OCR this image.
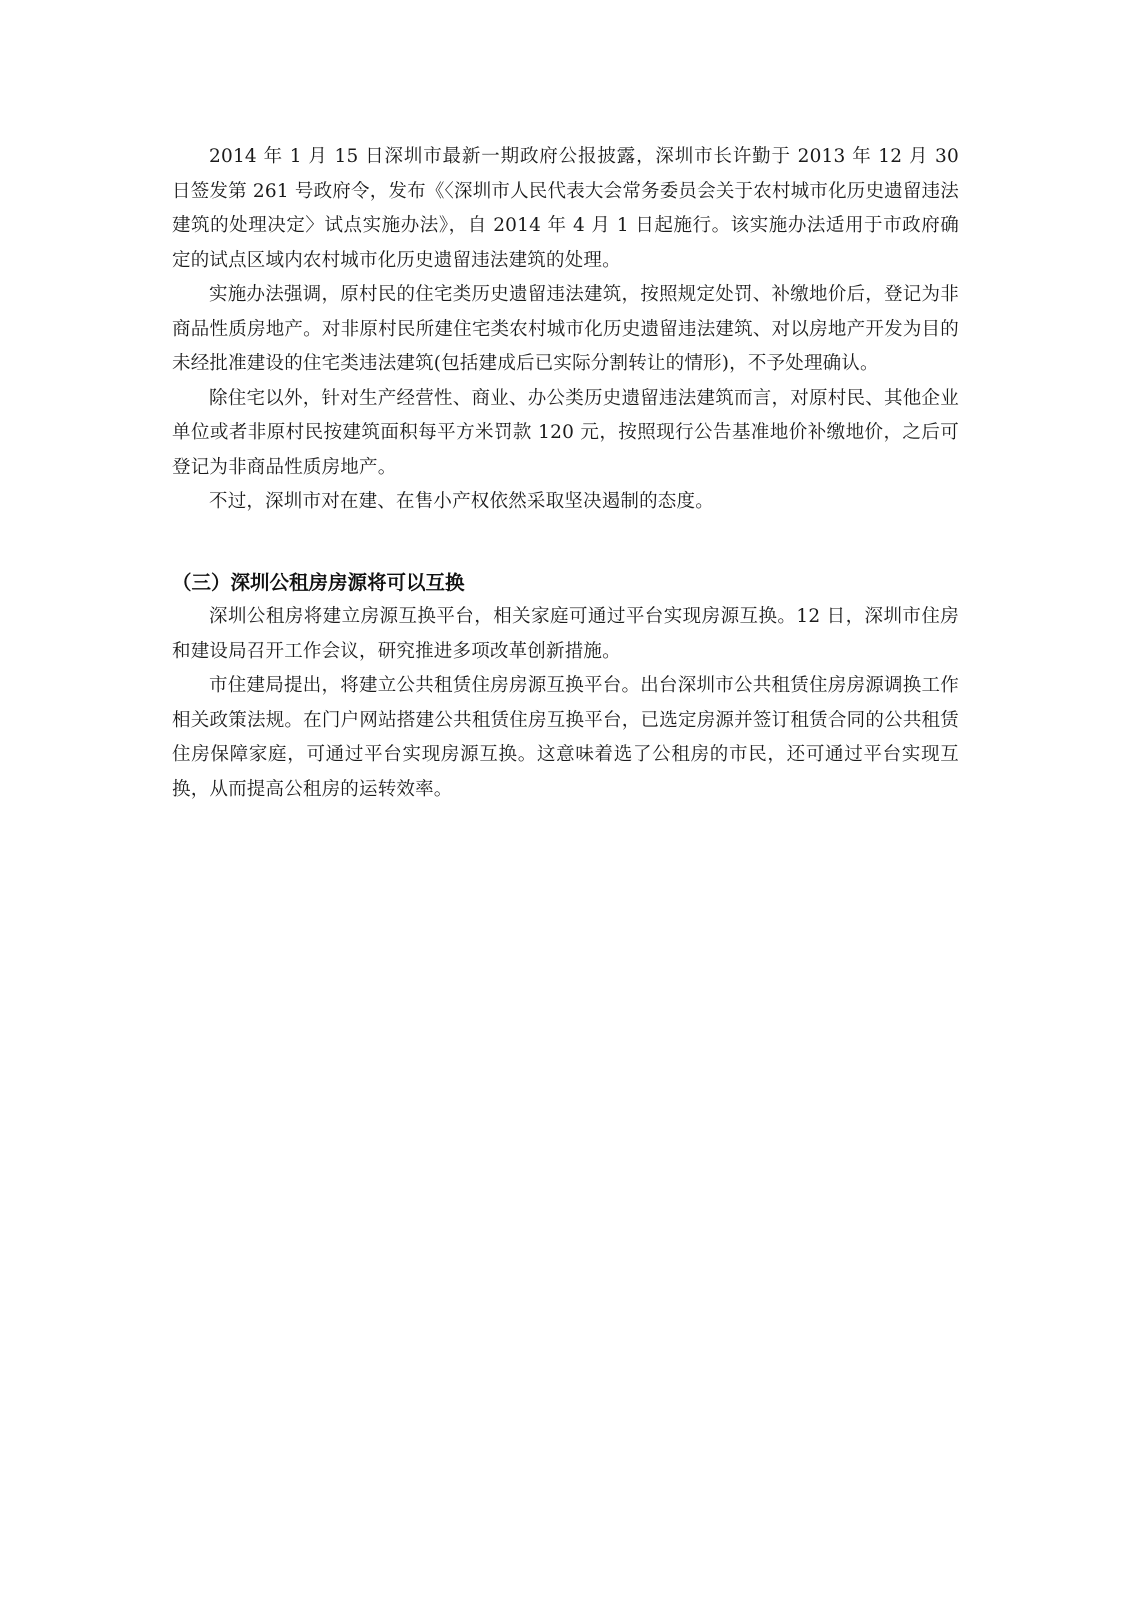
2014 年 1 月 15 日深圳市最新一期政府公报披露，深圳市长许勤于 2013 年 12 月 30 日签发第 261 号政府令，发布《〈深圳市人民代表大会常务委员会关于农村城市化历史遗留违法建筑的处理决定〉试点实施办法》，自 2014 年 4 月 1 日起施行。该实施办法适用于市政府确定的试点区域内农村城市化历史遗留违法建筑的处理。

实施办法强调，原村民的住宅类历史遗留违法建筑，按照规定处罚、补缴地价后，登记为非商品性质房地产。对非原村民所建住宅类农村城市化历史遗留违法建筑、对以房地产开发为目的未经批准建设的住宅类违法建筑(包括建成后已实际分割转让的情形)，不予处理确认。

除住宅以外，针对生产经营性、商业、办公类历史遗留违法建筑而言，对原村民、其他企业单位或者非原村民按建筑面积每平方米罚款 120 元，按照现行公告基准地价补缴地价，之后可登记为非商品性质房地产。

不过，深圳市对在建、在售小产权依然采取坚决遏制的态度。

（三）深圳公租房房源将可以互换

深圳公租房将建立房源互换平台，相关家庭可通过平台实现房源互换。12 日，深圳市住房和建设局召开工作会议，研究推进多项改革创新措施。

市住建局提出，将建立公共租赁住房房源互换平台。出台深圳市公共租赁住房房源调换工作相关政策法规。在门户网站搭建公共租赁住房互换平台，已选定房源并签订租赁合同的公共租赁住房保障家庭，可通过平台实现房源互换。这意味着选了公租房的市民，还可通过平台实现互换，从而提高公租房的运转效率。
